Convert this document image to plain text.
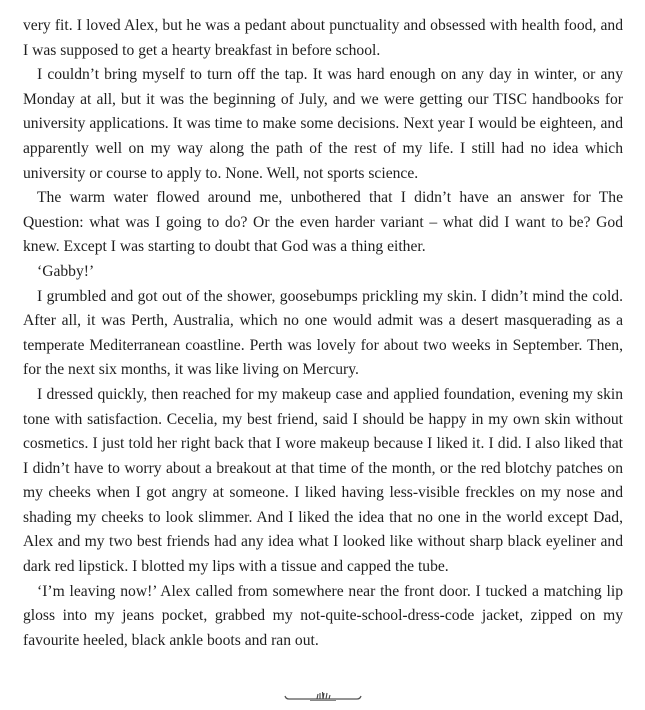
very fit. I loved Alex, but he was a pedant about punctuality and obsessed with health food, and I was supposed to get a hearty breakfast in before school.

I couldn’t bring myself to turn off the tap. It was hard enough on any day in winter, or any Monday at all, but it was the beginning of July, and we were getting our TISC handbooks for university applications. It was time to make some decisions. Next year I would be eighteen, and apparently well on my way along the path of the rest of my life. I still had no idea which university or course to apply to. None. Well, not sports science.

The warm water flowed around me, unbothered that I didn’t have an answer for The Question: what was I going to do? Or the even harder variant – what did I want to be? God knew. Except I was starting to doubt that God was a thing either.

‘Gabby!’

I grumbled and got out of the shower, goosebumps prickling my skin. I didn’t mind the cold. After all, it was Perth, Australia, which no one would admit was a desert masquerading as a temperate Mediterranean coastline. Perth was lovely for about two weeks in September. Then, for the next six months, it was like living on Mercury.

I dressed quickly, then reached for my makeup case and applied foundation, evening my skin tone with satisfaction. Cecelia, my best friend, said I should be happy in my own skin without cosmetics. I just told her right back that I wore makeup because I liked it. I did. I also liked that I didn’t have to worry about a breakout at that time of the month, or the red blotchy patches on my cheeks when I got angry at someone. I liked having less-visible freckles on my nose and shading my cheeks to look slimmer. And I liked the idea that no one in the world except Dad, Alex and my two best friends had any idea what I looked like without sharp black eyeliner and dark red lipstick. I blotted my lips with a tissue and capped the tube.

‘I’m leaving now!’ Alex called from somewhere near the front door. I tucked a matching lip gloss into my jeans pocket, grabbed my not-quite-school-dress-code jacket, zipped on my favourite heeled, black ankle boots and ran out.
